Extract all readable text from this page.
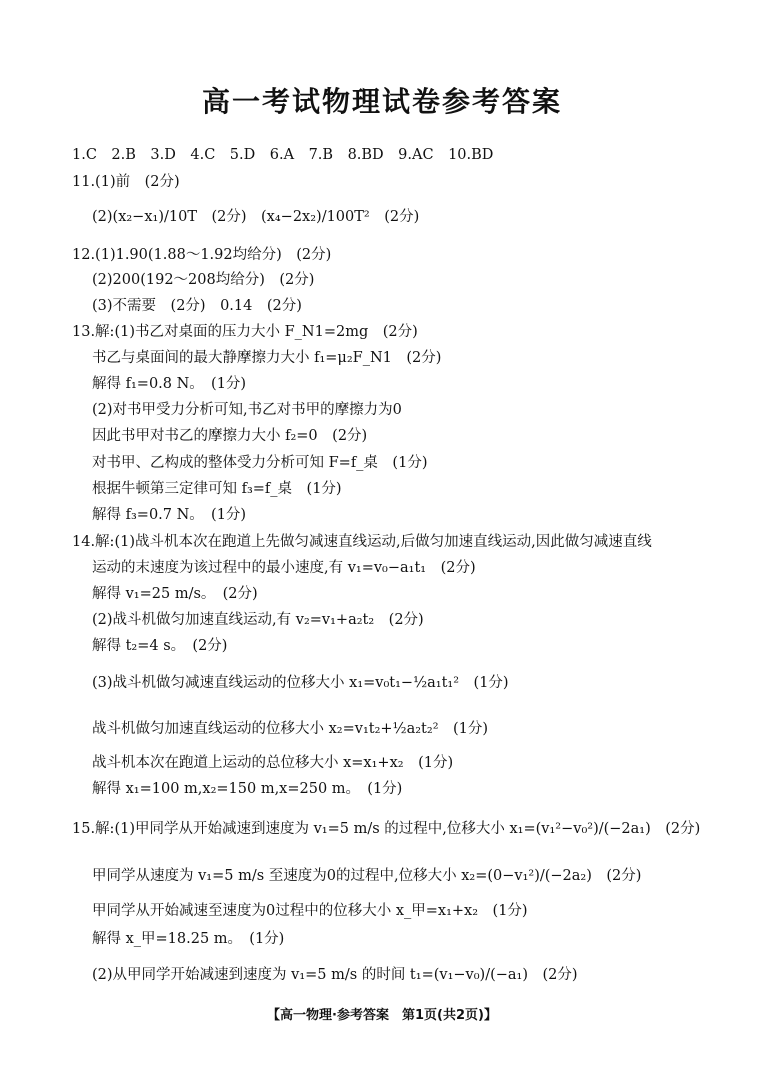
高一考试物理试卷参考答案
1.C　2.B　3.D　4.C　5.D　6.A　7.B　8.BD　9.AC　10.BD
11.(1)前　(2分)
(2)(x₂−x₁)/10T　(2分)　(x₄−2x₂)/100T²　(2分)
12.(1)1.90(1.88～1.92均给分)　(2分)
(2)200(192～208均给分)　(2分)
(3)不需要　(2分)　0.14　(2分)
13.解:(1)书乙对桌面的压力大小 F_N1=2mg　(2分)
书乙与桌面间的最大静摩擦力大小 f₁=μ₂F_N1　(2分)
解得 f₁=0.8 N。　(1分)
(2)对书甲受力分析可知,书乙对书甲的摩擦力为0
因此书甲对书乙的摩擦力大小 f₂=0　(2分)
对书甲、乙构成的整体受力分析可知 F=f_桌　(1分)
根据牛顿第三定律可知 f₃=f_桌　(1分)
解得 f₃=0.7 N。　(1分)
14.解:(1)战斗机本次在跑道上先做匀减速直线运动,后做匀加速直线运动,因此做匀减速直线
运动的末速度为该过程中的最小速度,有 v₁=v₀−a₁t₁　(2分)
解得 v₁=25 m/s。　(2分)
(2)战斗机做匀加速直线运动,有 v₂=v₁+a₂t₂　(2分)
解得 t₂=4 s。　(2分)
(3)战斗机做匀减速直线运动的位移大小 x₁=v₀t₁−½a₁t₁²　(1分)
战斗机做匀加速直线运动的位移大小 x₂=v₁t₂+½a₂t₂²　(1分)
战斗机本次在跑道上运动的总位移大小 x=x₁+x₂　(1分)
解得 x₁=100 m,x₂=150 m,x=250 m。　(1分)
15.解:(1)甲同学从开始减速到速度为 v₁=5 m/s 的过程中,位移大小 x₁=(v₁²−v₀²)/(−2a₁)　(2分)
甲同学从速度为 v₁=5 m/s 至速度为0的过程中,位移大小 x₂=(0−v₁²)/(−2a₂)　(2分)
甲同学从开始减速至速度为0过程中的位移大小 x_甲=x₁+x₂　(1分)
解得 x_甲=18.25 m。　(1分)
(2)从甲同学开始减速到速度为 v₁=5 m/s 的时间 t₁=(v₁−v₀)/(−a₁)　(2分)
【高一物理·参考答案　第1页(共2页)】
